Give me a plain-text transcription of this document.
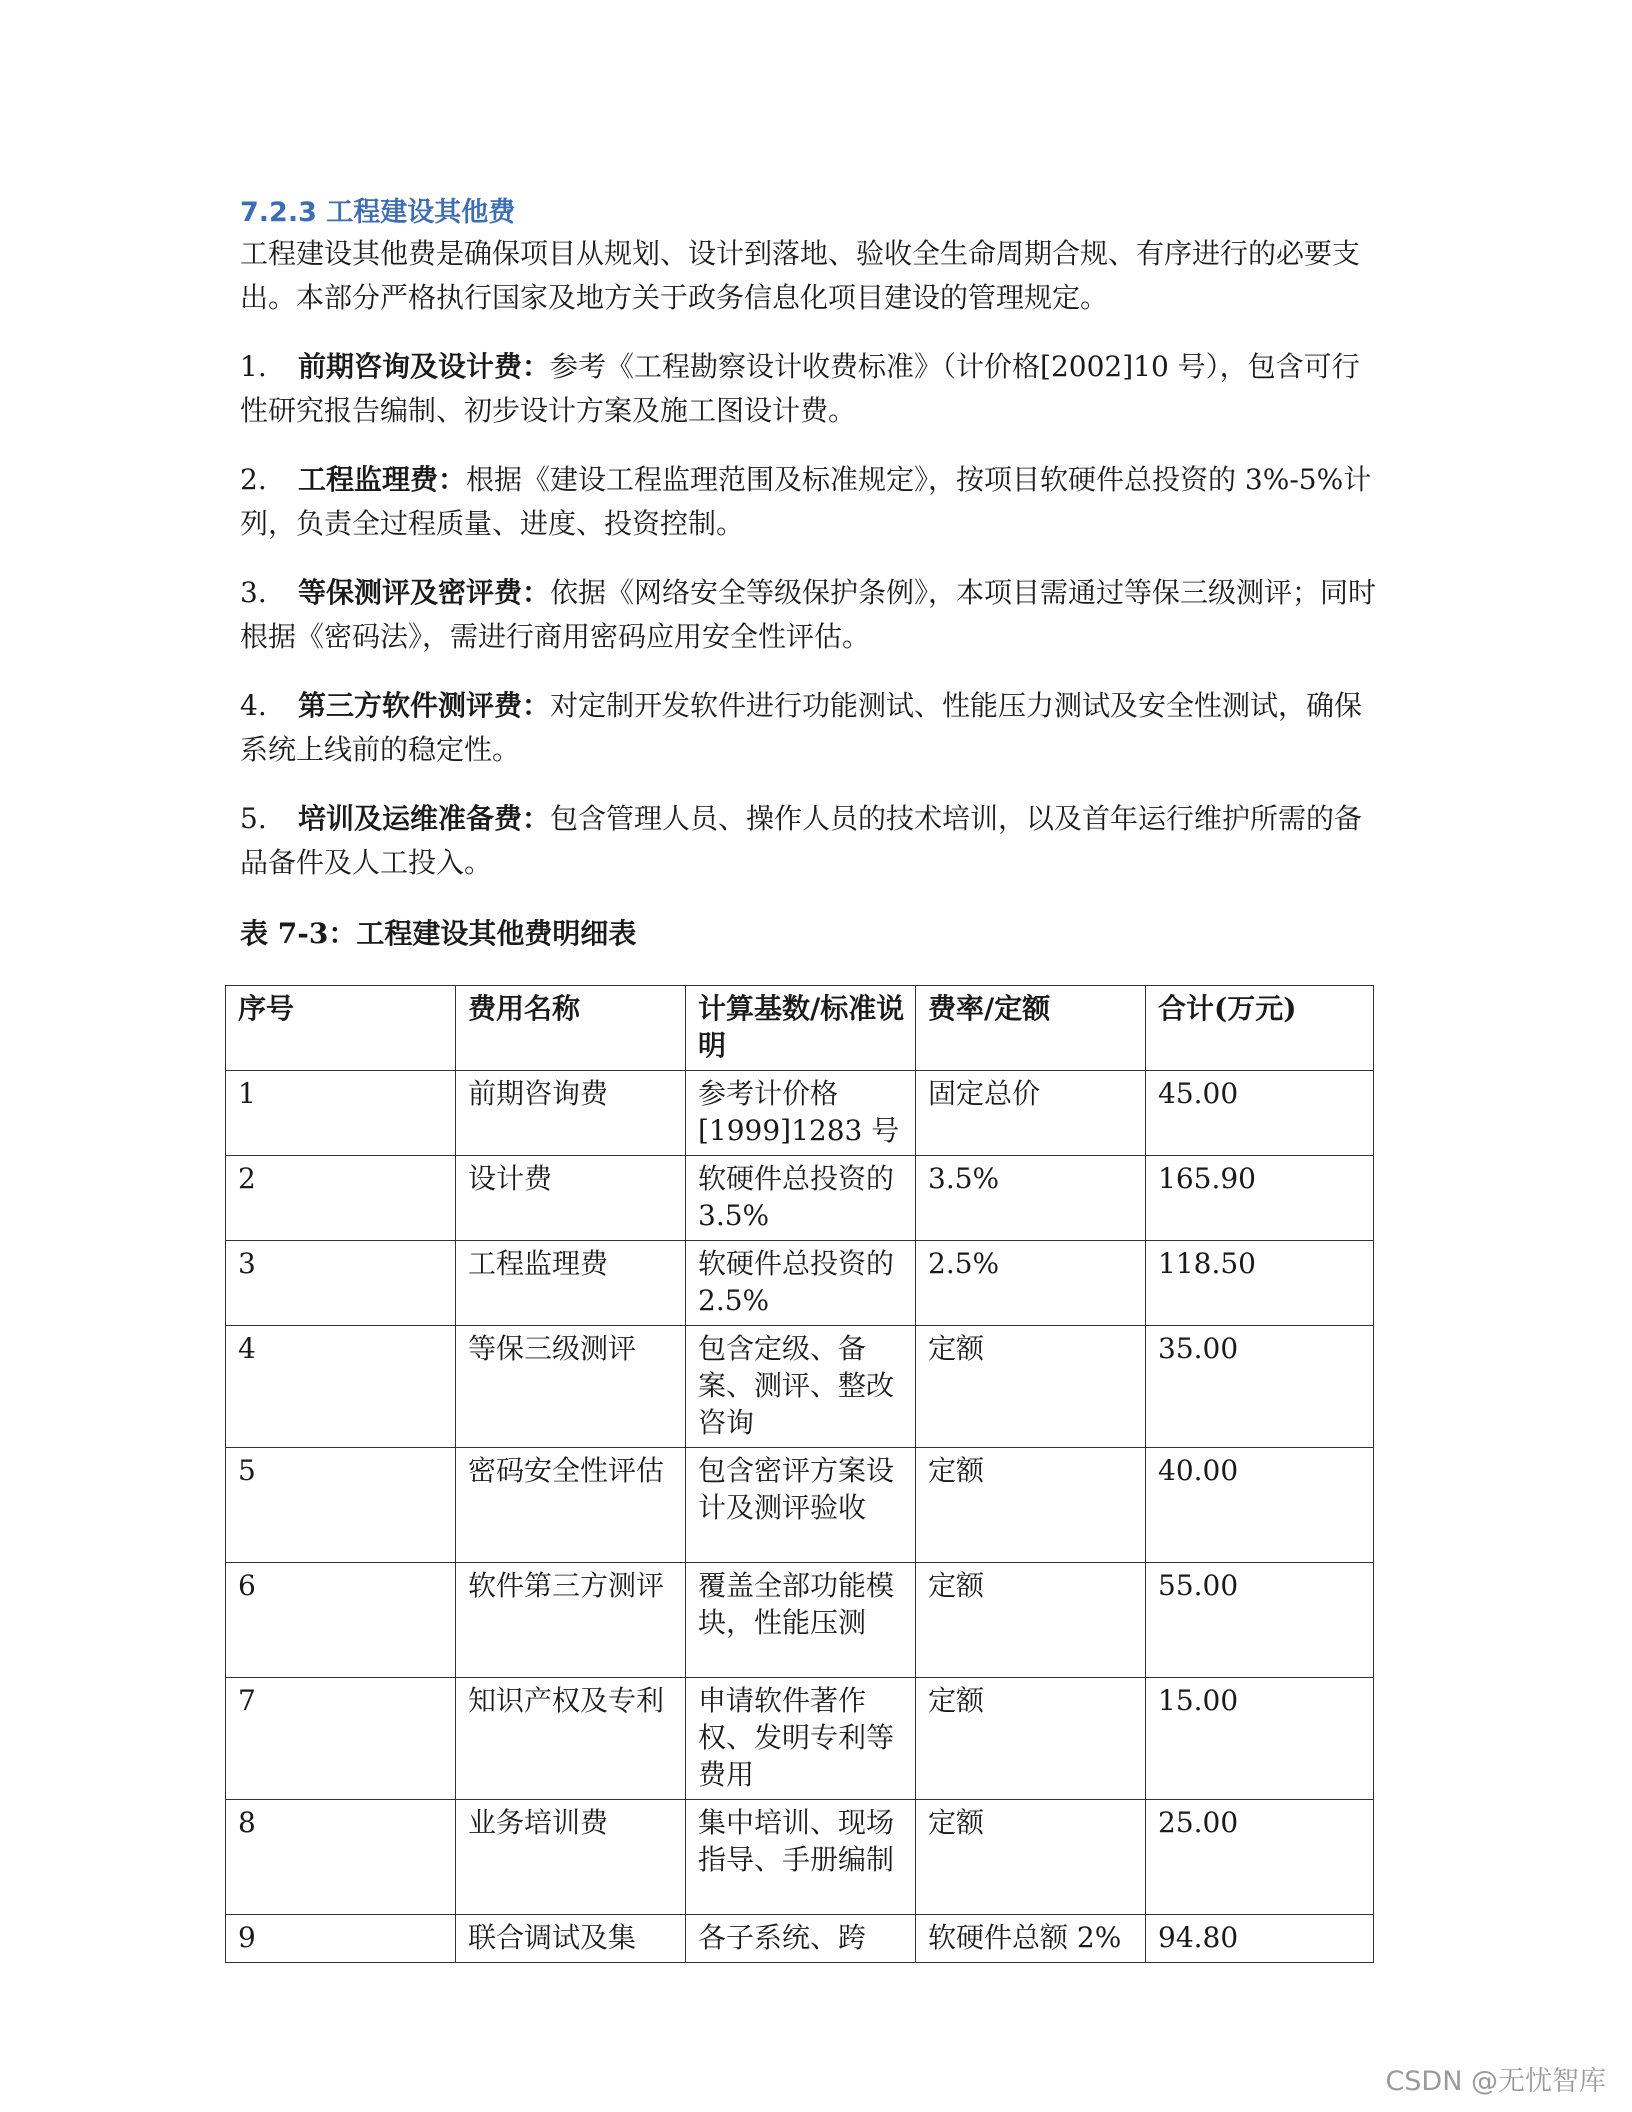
7.2.3 工程建设其他费

工程建设其他费是确保项目从规划、设计到落地、验收全生命周期合规、有序进行的必要支出。本部分严格执行国家及地方关于政务信息化项目建设的管理规定。

1. 前期咨询及设计费：参考《工程勘察设计收费标准》（计价格[2002]10 号），包含可行性研究报告编制、初步设计方案及施工图设计费。

2. 工程监理费：根据《建设工程监理范围及标准规定》，按项目软硬件总投资的 3%-5%计列，负责全过程质量、进度、投资控制。

3. 等保测评及密评费：依据《网络安全等级保护条例》，本项目需通过等保三级测评；同时根据《密码法》，需进行商用密码应用安全性评估。

4. 第三方软件测评费：对定制开发软件进行功能测试、性能压力测试及安全性测试，确保系统上线前的稳定性。

5. 培训及运维准备费：包含管理人员、操作人员的技术培训，以及首年运行维护所需的备品备件及人工投入。

表 7-3：工程建设其他费明细表
序号	费用名称	计算基数/标准说明	费率/定额	合计(万元)
1	前期咨询费	参考计价格[1999]1283 号	固定总价	45.00
2	设计费	软硬件总投资的 3.5%	3.5%	165.90
3	工程监理费	软硬件总投资的 2.5%	2.5%	118.50
4	等保三级测评	包含定级、备案、测评、整改咨询	定额	35.00
5	密码安全性评估	包含密评方案设计及测评验收	定额	40.00
6	软件第三方测评	覆盖全部功能模块，性能压测	定额	55.00
7	知识产权及专利	申请软件著作权、发明专利等费用	定额	15.00
8	业务培训费	集中培训、现场指导、手册编制	定额	25.00
9	联合调试及集	各子系统、跨	软硬件总额 2%	94.80
CSDN @无忧智库
